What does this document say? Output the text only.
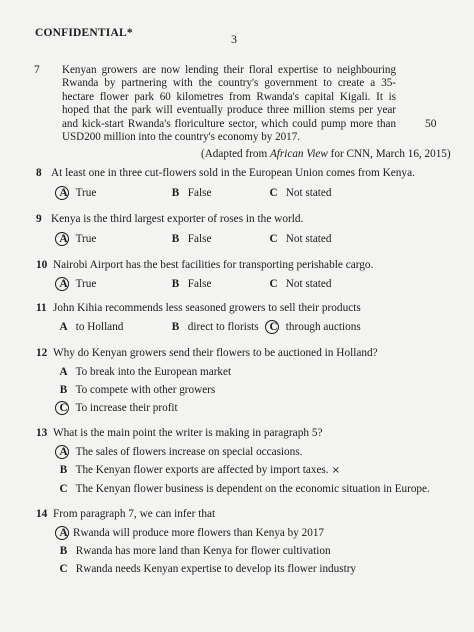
CONFIDENTIAL*	3
7 Kenyan growers are now lending their floral expertise to neighbouring Rwanda by partnering with the country's government to create a 35-hectare flower park 60 kilometres from Rwanda's capital Kigali. It is hoped that the park will eventually produce three million stems per year and kick-start Rwanda's floriculture sector, which could pump more than USD200 million into the country's economy by 2017.
50
(Adapted from African View for CNN, March 16, 2015)
8 At least one in three cut-flowers sold in the European Union comes from Kenya.
A True	B False	C Not stated
9 Kenya is the third largest exporter of roses in the world.
A True	B False	C Not stated
10 Nairobi Airport has the best facilities for transporting perishable cargo.
A True	B False	C Not stated
11 John Kihia recommends less seasoned growers to sell their products
A to Holland	B direct to florists C through auctions
12 Why do Kenyan growers send their flowers to be auctioned in Holland?
A To break into the European market
B To compete with other growers
C To increase their profit
13 What is the main point the writer is making in paragraph 5?
A The sales of flowers increase on special occasions.
B The Kenyan flower exports are affected by import taxes. ×
C The Kenyan flower business is dependent on the economic situation in Europe.
14 From paragraph 7, we can infer that
A Rwanda will produce more flowers than Kenya by 2017
B Rwanda has more land than Kenya for flower cultivation
C Rwanda needs Kenyan expertise to develop its flower industry
